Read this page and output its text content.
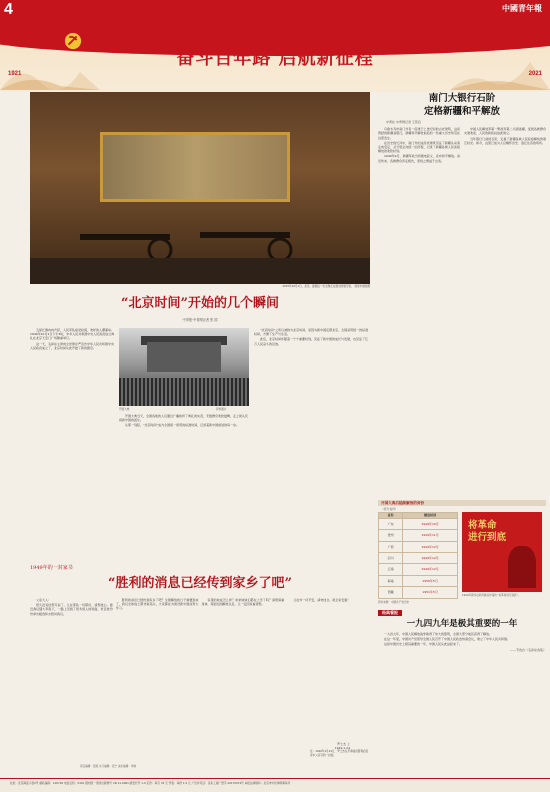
4	中國青年報
1921	2021
奋斗百年路 启航新征程
2015年10月1日，北京。建国后一些文物正在展出的展厅里。 视觉中国供图
南门大银行石阶
定格新疆和平解放
中青社·中青网记者 王营启

乌鲁木齐市南门外有一座建于上世纪初的古老建筑，这是曾经的新疆省银行，新疆和平解放前后的一些重大历史场景在这里发生。

在历史的长河中，南门外的这座老建筑见证了新疆从动荡走向安定、从分裂走向统一的历程，记录了新疆各族人民迎接解放的欢欣时刻。

1949年9月，新疆军政当局通电起义，宣布和平解放。消息传来，各族群众奔走相告，喜悦之情溢于言表。

中国人民解放军第一野战军第二兵团进疆，受到各族群众夹道欢迎，人民的新政权由此建立。

当年银行门前的石阶，定格了新疆各族人民迎接解放的难忘时光。如今，这里已成为人们缅怀历史、追忆往昔的场所。

“北京时间”开始的几个瞬间
中青报·中青网记者 张 国

五星红旗冉冉升起，人民军队接受检阅，欢呼的人潮涌动。1949年10月1日下午3时，中华人民共和国中央人民政府成立典礼在北京天安门广场隆重举行。

这一天，毛泽东主席向全世界庄严宣告中华人民共和国中央人民政府成立了，北京时间从此开始了新的篇章。

开国大典	资料图片

开国大典当天，全国各地的人们通过广播收听了典礼的实况，无数群众欢欣鼓舞，走上街头庆祝新中国的诞生。

从那一刻起，“北京时间”成为全国统一使用的标准时间，记录着新中国前进的每一步。

“北京时间”之所以被称为北京时间，是因为新中国定都北京，全国采用统一的标准时间，方便了生产与生活。

此后，北京时间伴随着一个个重要时刻，见证了新中国的成长与发展，也见证了亿万人民奋斗的足迹。

1949年的一封家书
“胜利的消息已经传到家乡了吧”

父亲大人：

很久没有给您写信了，儿在部队一切都好，请您放心。最近我们随大军南下，一路上见到了很多感人的场面，老百姓纷纷拿出粮食和水慰问我们。

胜利的消息已经传到家乡了吧？全国解放的日子就要到来了，我们全体战士都非常高兴，大家都在为建设新中国而努力学习。

家里的收成怎么样？弟弟妹妹们都在上学了吗？请您保重身体，等到全国解放以后，儿一定回家看望您。

儿在外一切平安，请勿挂念。祝全家安康！

罗士杰 上
1949.1.24
注：1949年1月24日，罗士杰在平津战役胜利后给家中父亲写的一封信。
责任编辑：张国 实习编辑：张宁 美术编辑：李晓
开国大典后陆续解放的省份
（部分省份）
省份	解放时间
广东	1949年10月
贵州	1949年11月
广西	1949年12月
四川	1949年12月
云南	1949年12月
海南	1950年5月
西藏	1951年5月
将革命
进行到底
1949年新华社新年献词中提出“将革命进行到底”。
资料来源：中国共产党历史
经典看报
一九四九年是极其重要的一年

一九四九年，中国人民解放战争取得了伟大的胜利，全国大部分地区获得了解放。

在这一年里，中国共产党领导全国人民召开了中国人民政治协商会议，建立了中华人民共和国。

这是中国历史上极其重要的一年，中国人民从此站起来了。

——节选自《毛泽东选集》
社址：北京海淀小营2号 邮政编码：100702 电话总机：5401 国内统一连续出版物号 CN 11-0061 邮发代号 1-9 定价：每月 33 元 零售：每份 1.5 元 广告许可证：京东工商广登字 20170074号 本报法律顾问：北京市中伦律师事务所
